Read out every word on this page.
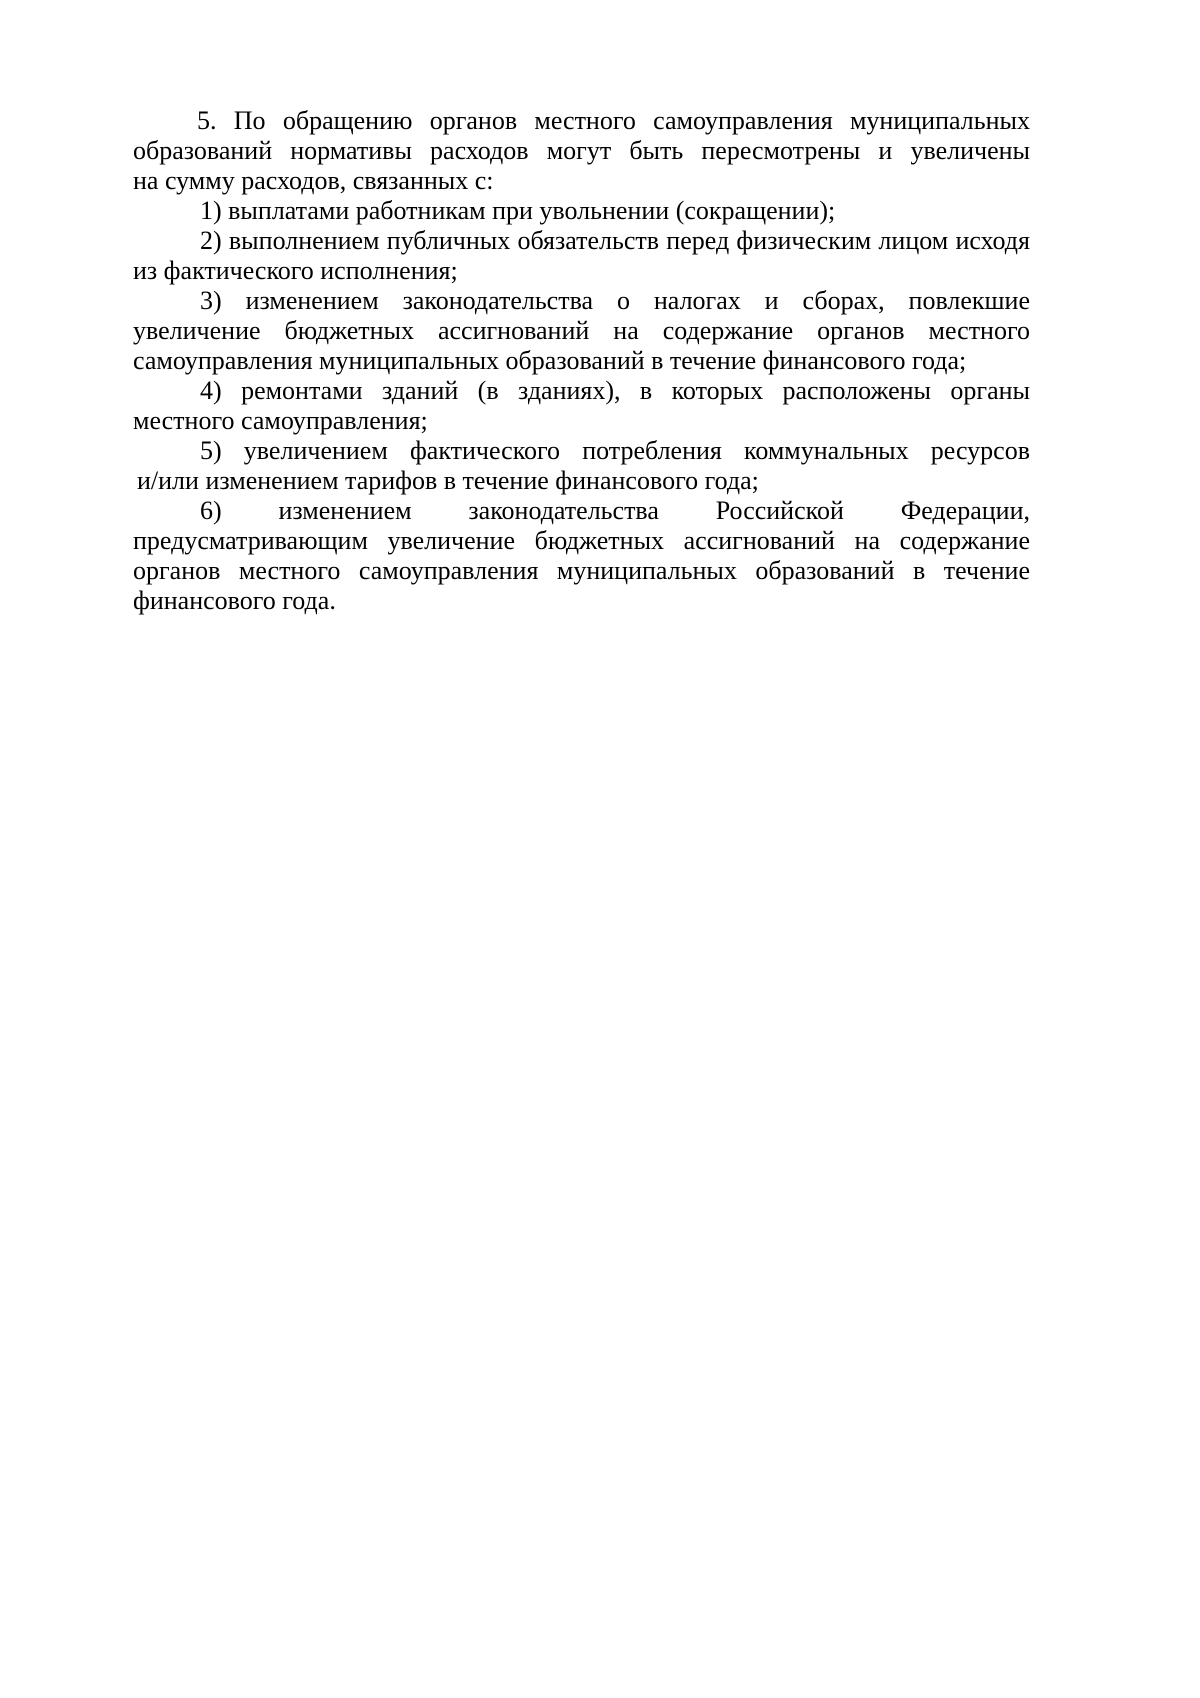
5. По обращению органов местного самоуправления муниципальных
образований нормативы расходов могут быть пересмотрены и увеличены
на сумму расходов, связанных с:
1) выплатами работникам при увольнении (сокращении);
2) выполнением публичных обязательств перед физическим лицом исходя
из фактического исполнения;
3) изменением законодательства о налогах и сборах, повлекшие
увеличение бюджетных ассигнований на содержание органов местного
самоуправления муниципальных образований в течение финансового года;
4) ремонтами зданий (в зданиях), в которых расположены органы
местного самоуправления;
5) увеличением фактического потребления коммунальных ресурсов
и/или изменением тарифов в течение финансового года;
6) изменением законодательства Российской Федерации,
предусматривающим увеличение бюджетных ассигнований на содержание
органов местного самоуправления муниципальных образований в течение
финансового года.
